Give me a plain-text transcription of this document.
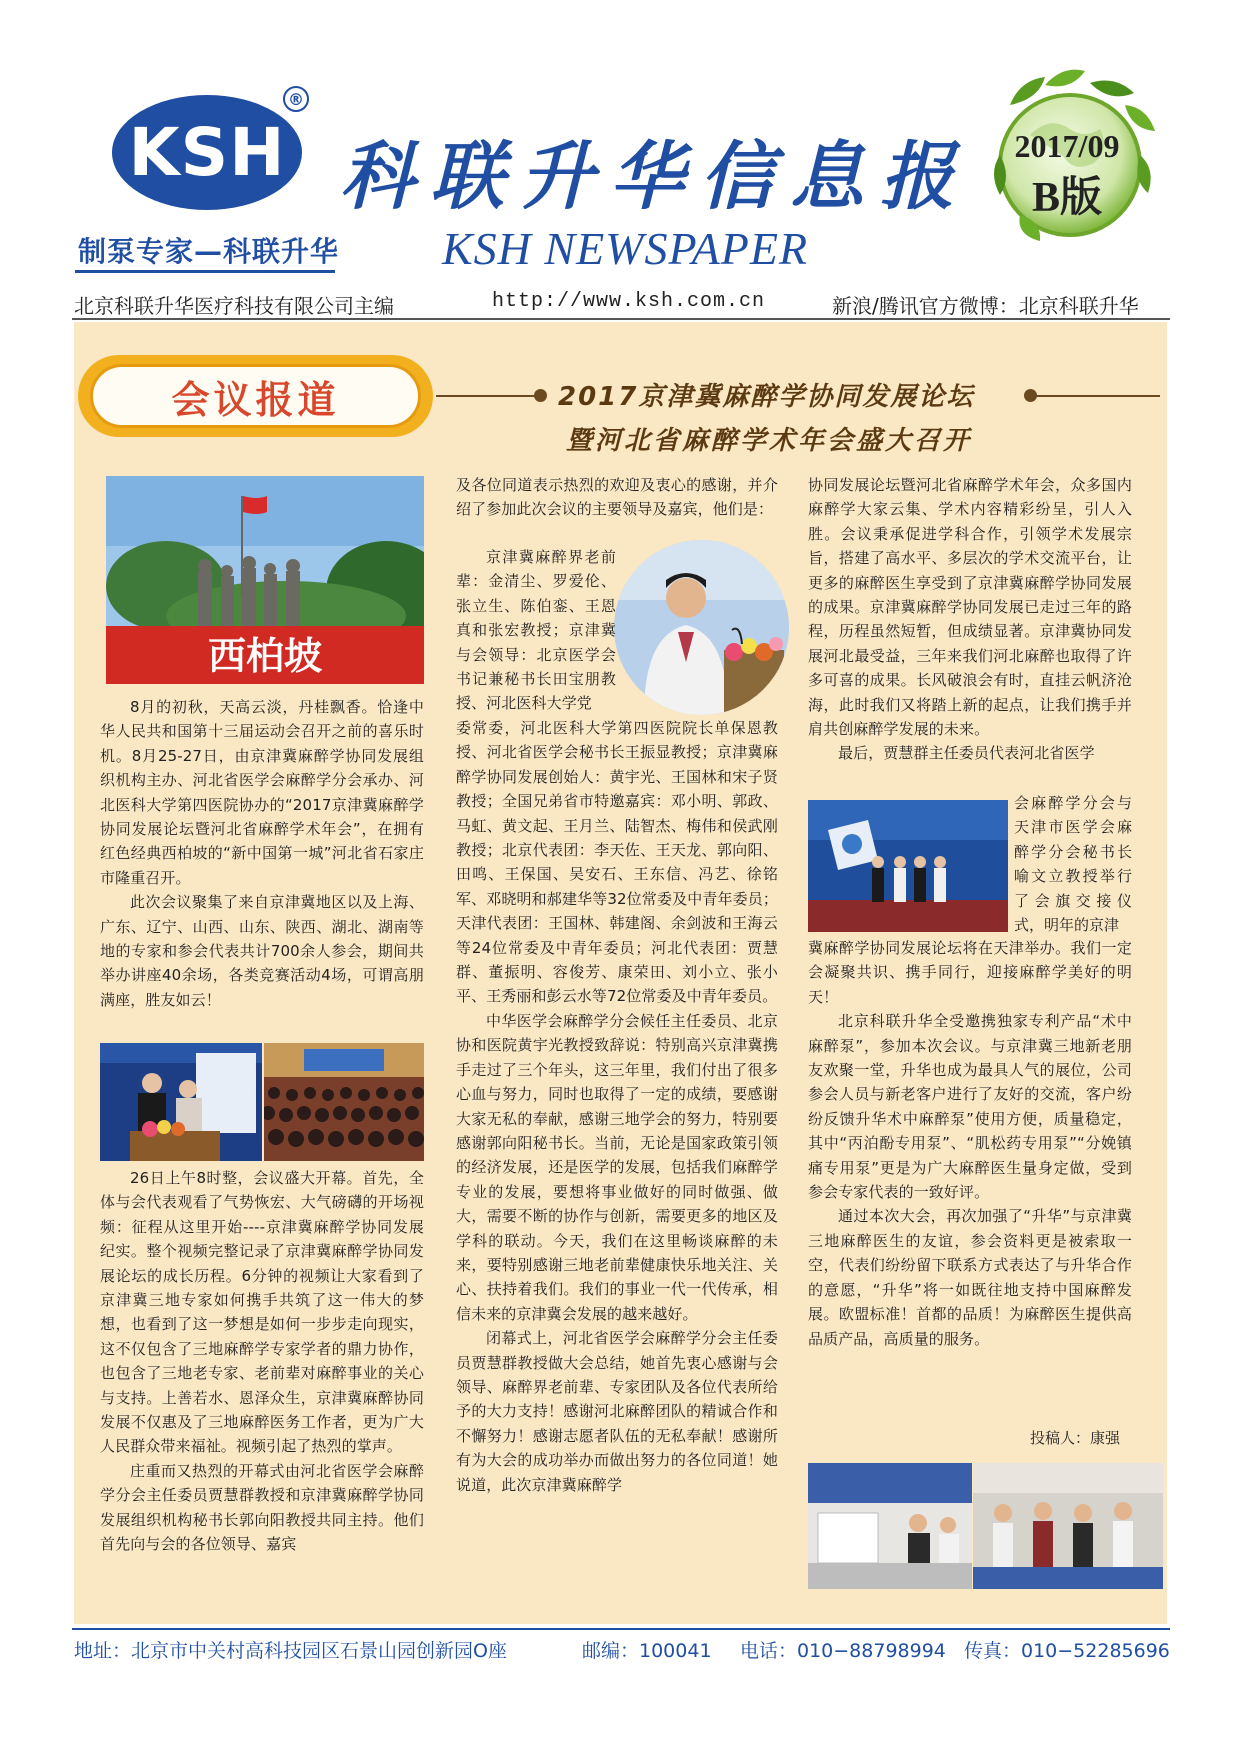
KSH
®
制泵专家—科联升华
科联升华信息报
KSH NEWSPAPER
2017/09
B版
北京科联升华医疗科技有限公司主编	http://www.ksh.com.cn	新浪/腾讯官方微博：北京科联升华
会议报道	2017京津冀麻醉学协同发展论坛
暨河北省麻醉学术年会盛大召开
西柏坡

8月的初秋，天高云淡，丹桂飘香。恰逢中华人民共和国第十三届运动会召开之前的喜乐时机。8月25-27日，由京津冀麻醉学协同发展组织机构主办、河北省医学会麻醉学分会承办、河北医科大学第四医院协办的“2017京津冀麻醉学协同发展论坛暨河北省麻醉学术年会”，在拥有红色经典西柏坡的“新中国第一城”河北省石家庄市隆重召开。

此次会议聚集了来自京津冀地区以及上海、广东、辽宁、山西、山东、陕西、湖北、湖南等地的专家和参会代表共计700余人参会，期间共举办讲座40余场，各类竞赛活动4场，可谓高朋满座，胜友如云！

26日上午8时整，会议盛大开幕。首先，全体与会代表观看了气势恢宏、大气磅礴的开场视频：征程从这里开始----京津冀麻醉学协同发展纪实。整个视频完整记录了京津冀麻醉学协同发展论坛的成长历程。6分钟的视频让大家看到了京津冀三地专家如何携手共筑了这一伟大的梦想，也看到了这一梦想是如何一步步走向现实，这不仅包含了三地麻醉学专家学者的鼎力协作，也包含了三地老专家、老前辈对麻醉事业的关心与支持。上善若水、恩泽众生，京津冀麻醉协同发展不仅惠及了三地麻醉医务工作者，更为广大人民群众带来福祉。视频引起了热烈的掌声。

庄重而又热烈的开幕式由河北省医学会麻醉学分会主任委员贾慧群教授和京津冀麻醉学协同发展组织机构秘书长郭向阳教授共同主持。他们首先向与会的各位领导、嘉宾

及各位同道表示热烈的欢迎及衷心的感谢，并介绍了参加此次会议的主要领导及嘉宾，他们是：

京津冀麻醉界老前辈：金清尘、罗爱伦、张立生、陈伯銮、王恩真和张宏教授；京津冀与会领导：北京医学会书记兼秘书长田宝朋教授、河北医科大学党

委常委，河北医科大学第四医院院长单保恩教授、河北省医学会秘书长王振显教授；京津冀麻醉学协同发展创始人：黄宇光、王国林和宋子贤教授；全国兄弟省市特邀嘉宾：邓小明、郭政、马虹、黄文起、王月兰、陆智杰、梅伟和侯武刚教授；北京代表团：李天佐、王天龙、郭向阳、田鸣、王保国、吴安石、王东信、冯艺、徐铭军、邓晓明和郝建华等32位常委及中青年委员；天津代表团：王国林、韩建阁、余剑波和王海云等24位常委及中青年委员；河北代表团：贾慧群、董振明、容俊芳、康荣田、刘小立、张小平、王秀丽和彭云水等72位常委及中青年委员。

中华医学会麻醉学分会候任主任委员、北京协和医院黄宇光教授致辞说：特别高兴京津冀携手走过了三个年头，这三年里，我们付出了很多心血与努力，同时也取得了一定的成绩，要感谢大家无私的奉献，感谢三地学会的努力，特别要感谢郭向阳秘书长。当前，无论是国家政策引领的经济发展，还是医学的发展，包括我们麻醉学专业的发展，要想将事业做好的同时做强、做大，需要不断的协作与创新，需要更多的地区及学科的联动。今天，我们在这里畅谈麻醉的未来，要特别感谢三地老前辈健康快乐地关注、关心、扶持着我们。我们的事业一代一代传承，相信未来的京津冀会发展的越来越好。

闭幕式上，河北省医学会麻醉学分会主任委员贾慧群教授做大会总结，她首先衷心感谢与会领导、麻醉界老前辈、专家团队及各位代表所给予的大力支持！感谢河北麻醉团队的精诚合作和不懈努力！感谢志愿者队伍的无私奉献！感谢所有为大会的成功举办而做出努力的各位同道！她说道，此次京津冀麻醉学

协同发展论坛暨河北省麻醉学术年会，众多国内麻醉学大家云集、学术内容精彩纷呈，引人入胜。会议秉承促进学科合作，引领学术发展宗旨，搭建了高水平、多层次的学术交流平台，让更多的麻醉医生享受到了京津冀麻醉学协同发展的成果。京津冀麻醉学协同发展已走过三年的路程，历程虽然短暂，但成绩显著。京津冀协同发展河北最受益，三年来我们河北麻醉也取得了许多可喜的成果。长风破浪会有时，直挂云帆济沧海，此时我们又将踏上新的起点，让我们携手并肩共创麻醉学发展的未来。

最后，贾慧群主任委员代表河北省医学

会麻醉学分会与天津市医学会麻醉学分会秘书长喻文立教授举行了会旗交接仪式，明年的京津

冀麻醉学协同发展论坛将在天津举办。我们一定会凝聚共识、携手同行，迎接麻醉学美好的明天！

北京科联升华全受邀携独家专利产品“术中麻醉泵”，参加本次会议。与京津冀三地新老朋友欢聚一堂，升华也成为最具人气的展位，公司参会人员与新老客户进行了友好的交流，客户纷纷反馈升华术中麻醉泵”使用方便，质量稳定，其中“丙泊酚专用泵”、“肌松药专用泵”“分娩镇痛专用泵”更是为广大麻醉医生量身定做，受到参会专家代表的一致好评。

通过本次大会，再次加强了“升华”与京津冀三地麻醉医生的友谊，参会资料更是被索取一空，代表们纷纷留下联系方式表达了与升华合作的意愿，“升华”将一如既往地支持中国麻醉发展。欧盟标准！首都的品质！为麻醉医生提供高品质产品，高质量的服务。

投稿人：康强
地址：北京市中关村高科技园区石景山园创新园O座	邮编：100041 电话：010−88798994 传真：010−52285696
